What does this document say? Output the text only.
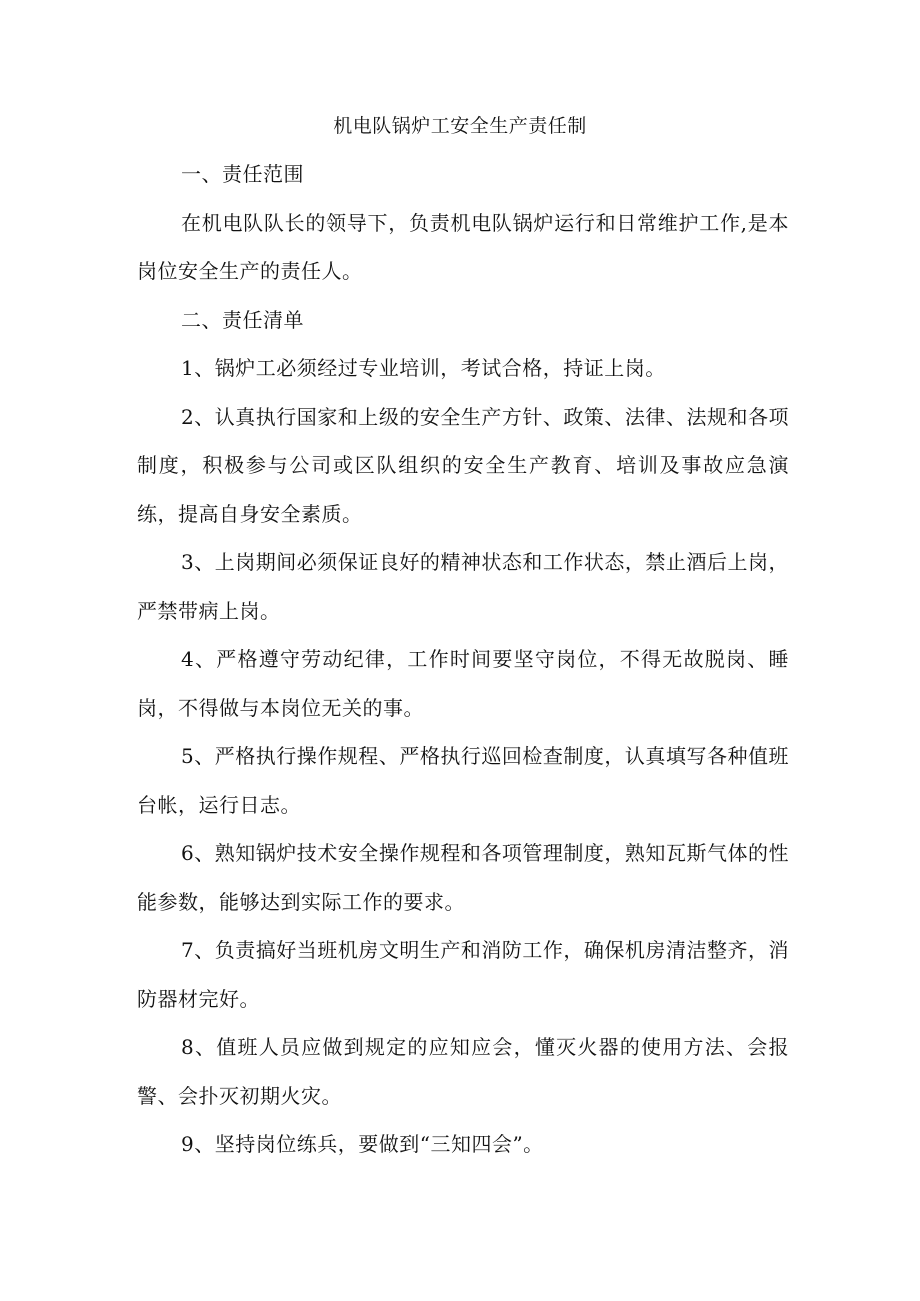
机电队锅炉工安全生产责任制

一、责任范围

在机电队队长的领导下，负责机电队锅炉运行和日常维护工作,是本岗位安全生产的责任人。

二、责任清单

1、锅炉工必须经过专业培训，考试合格，持证上岗。

2、认真执行国家和上级的安全生产方针、政策、法律、法规和各项制度，积极参与公司或区队组织的安全生产教育、培训及事故应急演练，提高自身安全素质。

3、上岗期间必须保证良好的精神状态和工作状态，禁止酒后上岗，严禁带病上岗。

4、严格遵守劳动纪律，工作时间要坚守岗位，不得无故脱岗、睡岗，不得做与本岗位无关的事。

5、严格执行操作规程、严格执行巡回检查制度，认真填写各种值班台帐，运行日志。

6、熟知锅炉技术安全操作规程和各项管理制度，熟知瓦斯气体的性能参数，能够达到实际工作的要求。

7、负责搞好当班机房文明生产和消防工作，确保机房清洁整齐，消防器材完好。

8、值班人员应做到规定的应知应会，懂灭火器的使用方法、会报警、会扑灭初期火灾。

9、坚持岗位练兵，要做到“三知四会”。
